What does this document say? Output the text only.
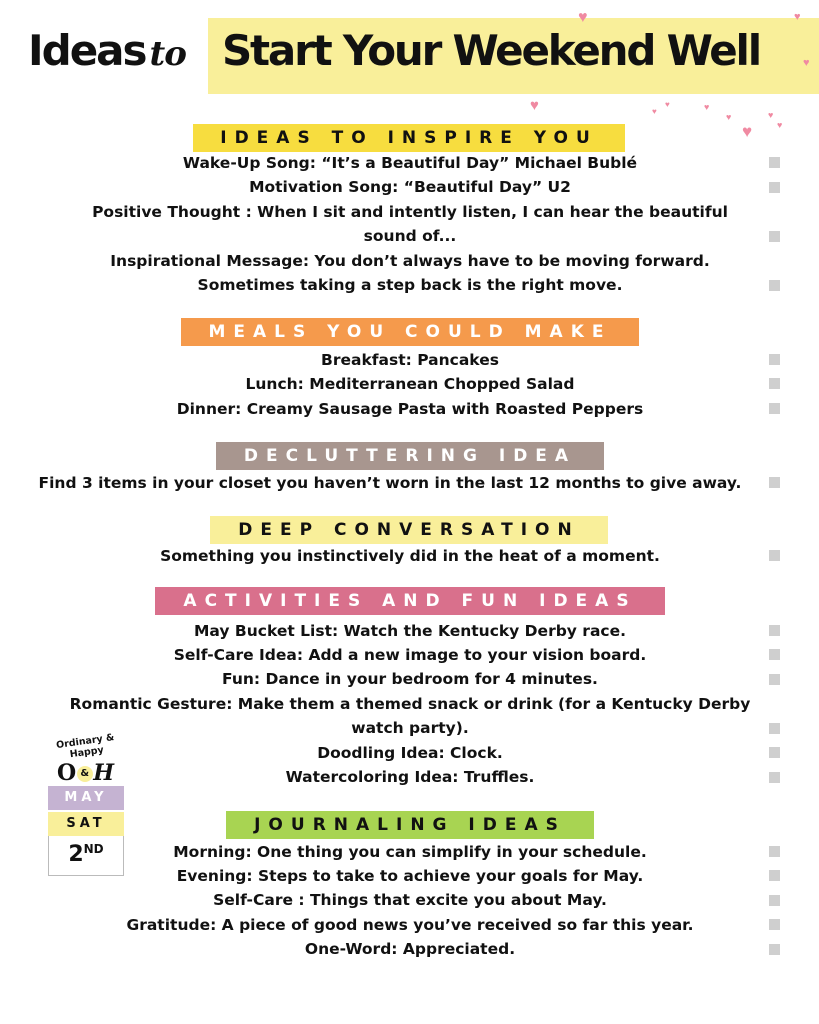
Ideas to Start Your Weekend Well
♥	♥
♥
♥	♥
♥	♥
♥
♥
♥
♥
IDEAS TO INSPIRE YOU
Wake-Up Song: “It’s a Beautiful Day” Michael Bublé
Motivation Song: “Beautiful Day” U2
Positive Thought : When I sit and intently listen, I can hear the beautiful
sound of...
Inspirational Message: You don’t always have to be moving forward.
Sometimes taking a step back is the right move.
MEALS YOU COULD MAKE
Breakfast: Pancakes
Lunch: Mediterranean Chopped Salad
Dinner: Creamy Sausage Pasta with Roasted Peppers
DECLUTTERING IDEA
Find 3 items in your closet you haven’t worn in the last 12 months to give away.
DEEP CONVERSATION
Something you instinctively did in the heat of a moment.
ACTIVITIES AND FUN IDEAS
May Bucket List: Watch the Kentucky Derby race.
Self-Care Idea: Add a new image to your vision board.
Fun: Dance in your bedroom for 4 minutes.
Romantic Gesture: Make them a themed snack or drink (for a Kentucky Derby
watch party).
Doodling Idea: Clock.
Watercoloring Idea: Truffles.
JOURNALING IDEAS
Morning: One thing you can simplify in your schedule.
Evening: Steps to take to achieve your goals for May.
Self-Care : Things that excite you about May.
Gratitude: A piece of good news you’ve received so far this year.
One-Word: Appreciated.
Ordinary & Happy
O & H
MAY
SAT
2ND
